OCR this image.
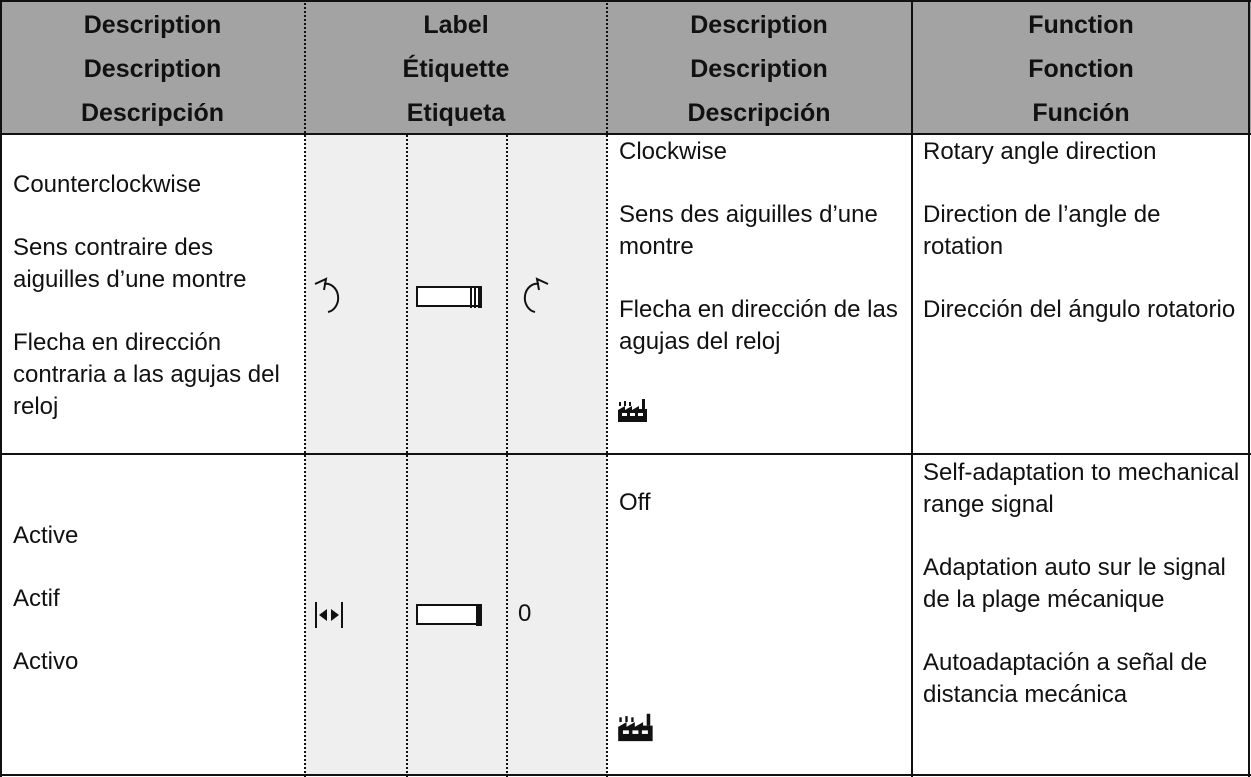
Description
Description
Descripción
Label
Étiquette
Etiqueta
Description
Description
Descripción
Function
Fonction
Función
Counterclockwise
Sens contraire des aiguilles d’une montre
Flecha en dirección contraria a las agujas del reloj
Clockwise
Sens des aiguilles d’une montre
Flecha en dirección de las agujas del reloj
Rotary angle direction
Direction de l’angle de rotation
Dirección del ángulo rotatorio
Active
Actif
Activo
0
Off
Self-adaptation to mechanical range signal
Adaptation auto sur le signal de la plage mécanique
Autoadaptación a señal de distancia mecánica
